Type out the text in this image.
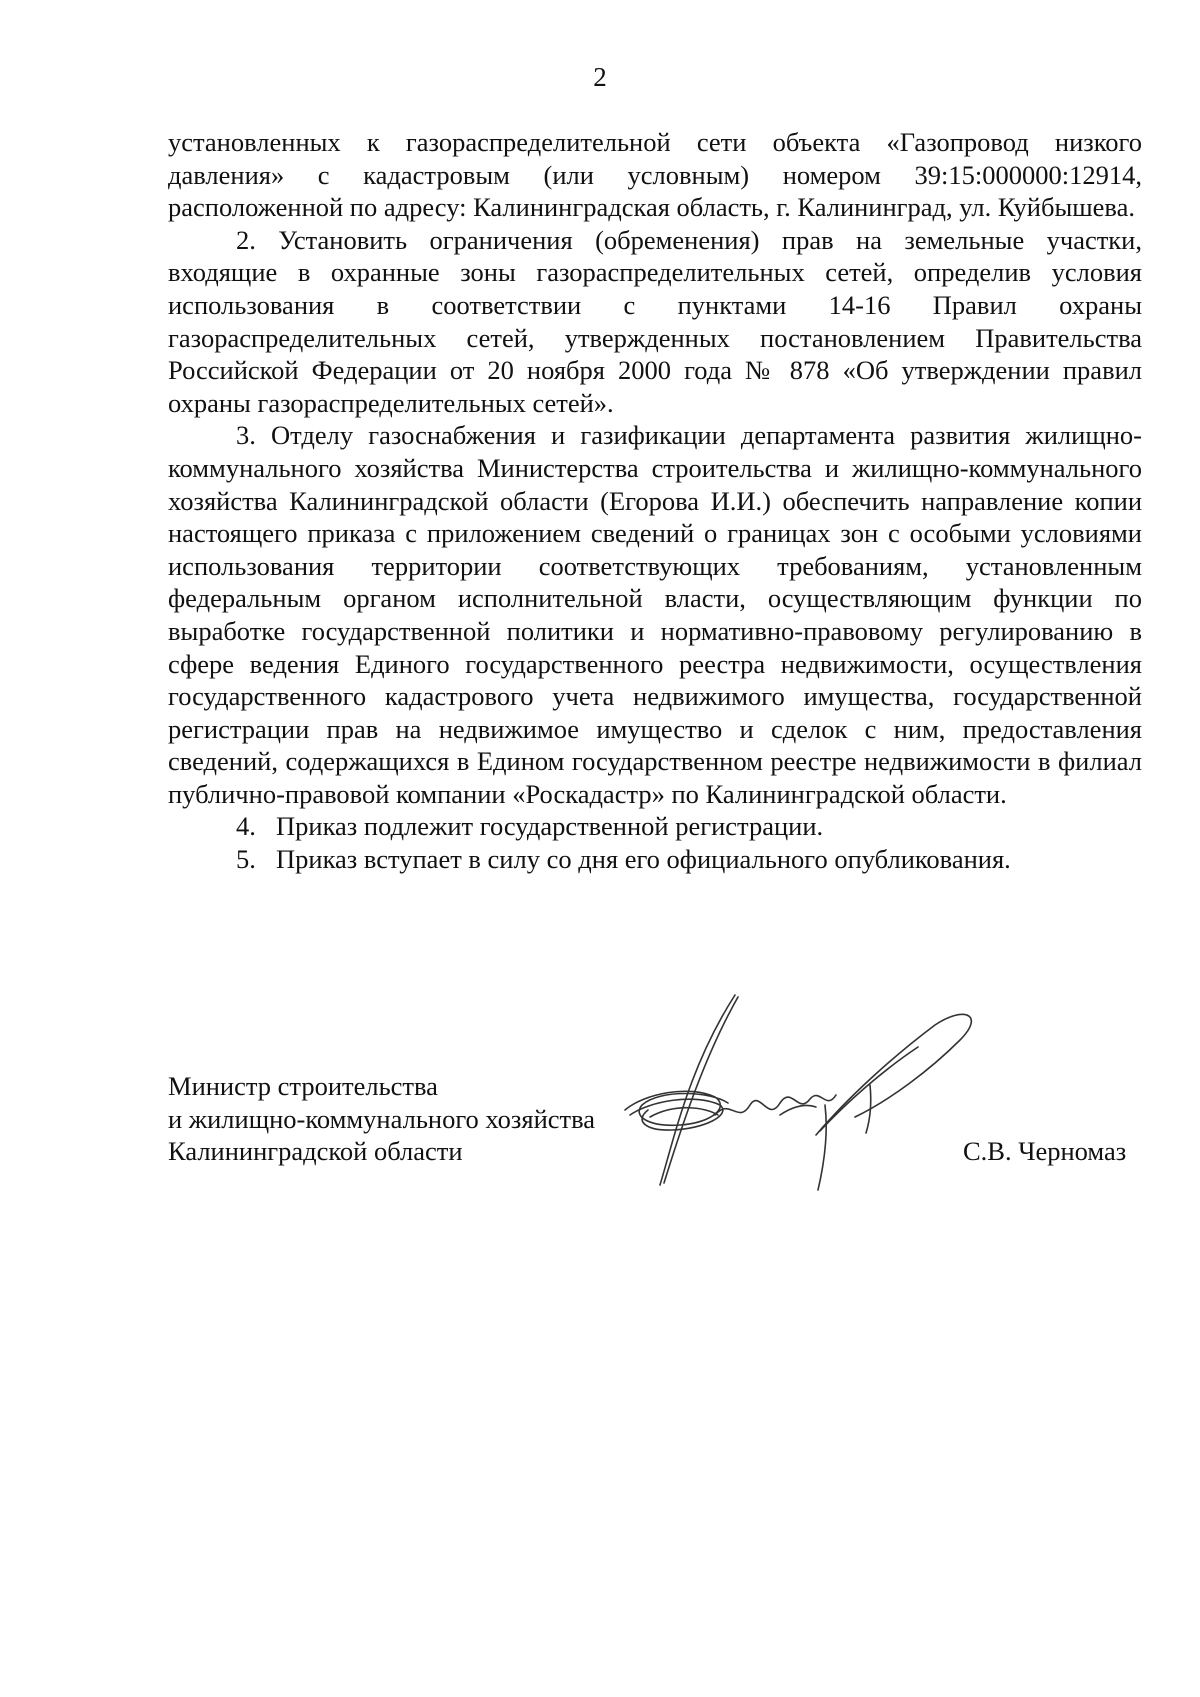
2

установленных к газораспределительной сети объекта «Газопровод низкого давления» с кадастровым (или условным) номером 39:15:000000:12914, расположенной по адресу: Калининградская область, г. Калининград, ул. Куйбышева.

2. Установить ограничения (обременения) прав на земельные участки, входящие в охранные зоны газораспределительных сетей, определив условия использования в соответствии с пунктами 14-16 Правил охраны газораспределительных сетей, утвержденных постановлением Правительства Российской Федерации от 20 ноября 2000 года № 878 «Об утверждении правил охраны газораспределительных сетей».

3. Отделу газоснабжения и газификации департамента развития жилищно-коммунального хозяйства Министерства строительства и жилищно-коммунального хозяйства Калининградской области (Егорова И.И.) обеспечить направление копии настоящего приказа с приложением сведений о границах зон с особыми условиями использования территории соответствующих требованиям, установленным федеральным органом исполнительной власти, осуществляющим функции по выработке государственной политики и нормативно-правовому регулированию в сфере ведения Единого государственного реестра недвижимости, осуществления государственного кадастрового учета недвижимого имущества, государственной регистрации прав на недвижимое имущество и сделок с ним, предоставления сведений, содержащихся в Едином государственном реестре недвижимости в филиал публично-правовой компании «Роскадастр» по Калининградской области.

4. Приказ подлежит государственной регистрации.

5. Приказ вступает в силу со дня его официального опубликования.

Министр строительства
и жилищно-коммунального хозяйства
Калининградской области	С.В. Черномаз
